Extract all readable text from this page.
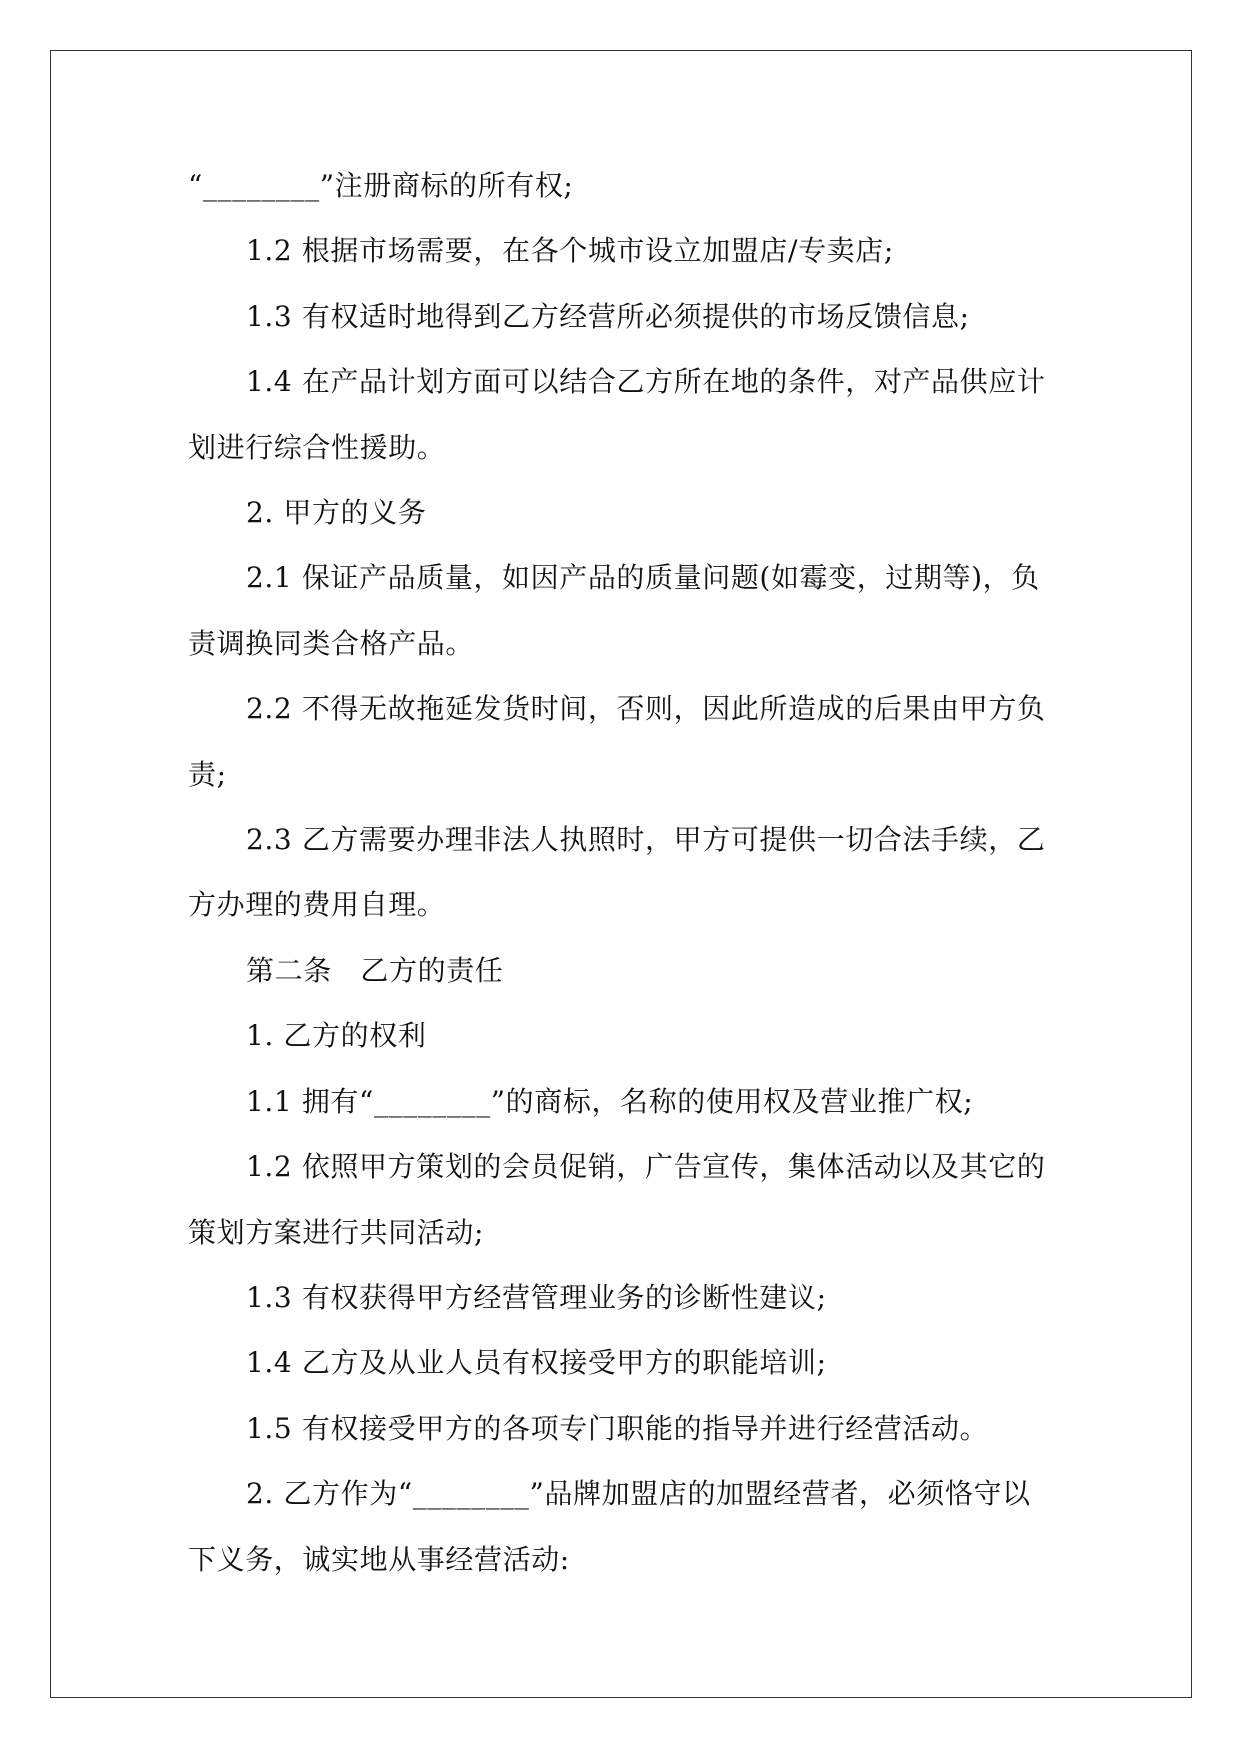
“________”注册商标的所有权;

1.2 根据市场需要，在各个城市设立加盟店/专卖店;

1.3 有权适时地得到乙方经营所必须提供的市场反馈信息;

1.4 在产品计划方面可以结合乙方所在地的条件，对产品供应计划进行综合性援助。

2. 甲方的义务

2.1 保证产品质量，如因产品的质量问题(如霉变，过期等)，负责调换同类合格产品。

2.2 不得无故拖延发货时间，否则，因此所造成的后果由甲方负责;

2.3 乙方需要办理非法人执照时，甲方可提供一切合法手续，乙方办理的费用自理。

第二条　乙方的责任

1. 乙方的权利

1.1 拥有“________”的商标，名称的使用权及营业推广权;

1.2 依照甲方策划的会员促销，广告宣传，集体活动以及其它的策划方案进行共同活动;

1.3 有权获得甲方经营管理业务的诊断性建议;

1.4 乙方及从业人员有权接受甲方的职能培训;

1.5 有权接受甲方的各项专门职能的指导并进行经营活动。

2. 乙方作为“________”品牌加盟店的加盟经营者，必须恪守以下义务，诚实地从事经营活动:
